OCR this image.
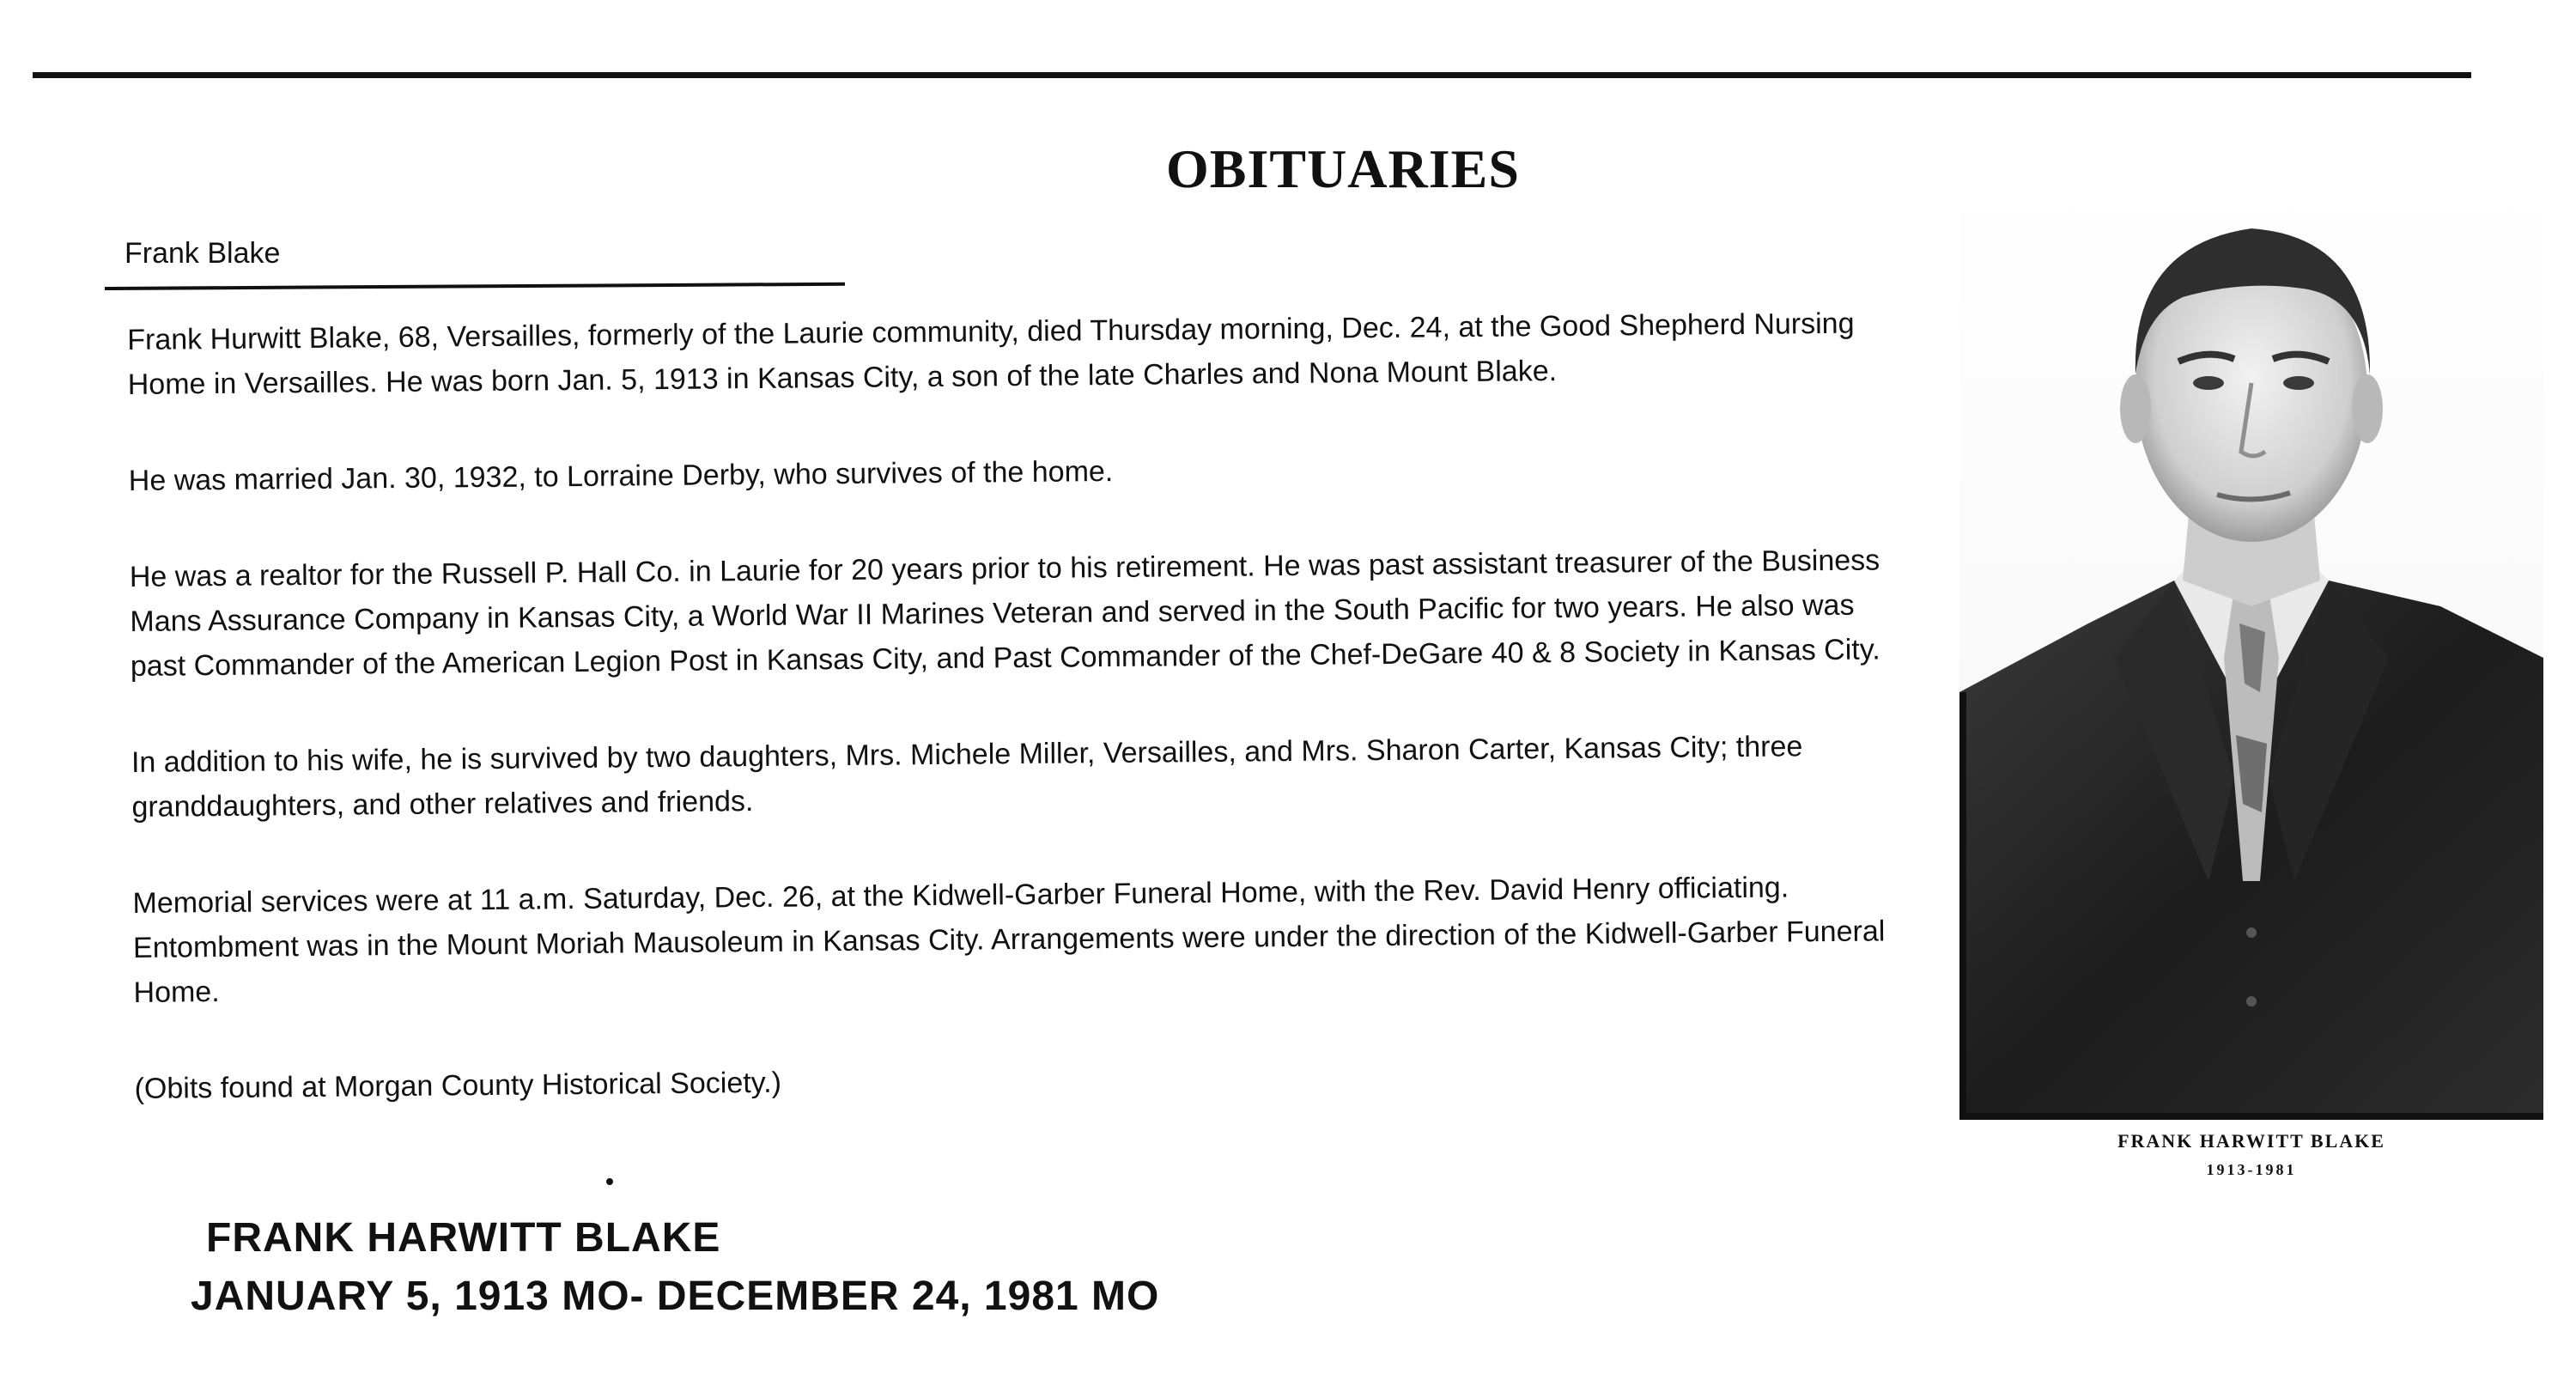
OBITUARIES
Frank Blake

Frank Hurwitt Blake, 68, Versailles, formerly of the Laurie community, died Thursday morning, Dec. 24, at the Good Shepherd Nursing Home in Versailles. He was born Jan. 5, 1913 in Kansas City, a son of the late Charles and Nona Mount Blake.

He was married Jan. 30, 1932, to Lorraine Derby, who survives of the home.

He was a realtor for the Russell P. Hall Co. in Laurie for 20 years prior to his retirement. He was past assistant treasurer of the Business Mans Assurance Company in Kansas City, a World War II Marines Veteran and served in the South Pacific for two years. He also was past Commander of the American Legion Post in Kansas City, and Past Commander of the Chef-DeGare 40 & 8 Society in Kansas City.

In addition to his wife, he is survived by two daughters, Mrs. Michele Miller, Versailles, and Mrs. Sharon Carter, Kansas City; three granddaughters, and other relatives and friends.

Memorial services were at 11 a.m. Saturday, Dec. 26, at the Kidwell-Garber Funeral Home, with the Rev. David Henry officiating. Entombment was in the Mount Moriah Mausoleum in Kansas City. Arrangements were under the direction of the Kidwell-Garber Funeral Home.

(Obits found at Morgan County Historical Society.)

FRANK HARWITT BLAKE
JANUARY 5, 1913 MO- DECEMBER 24, 1981 MO
FRANK HARWITT BLAKE
1913-1981
